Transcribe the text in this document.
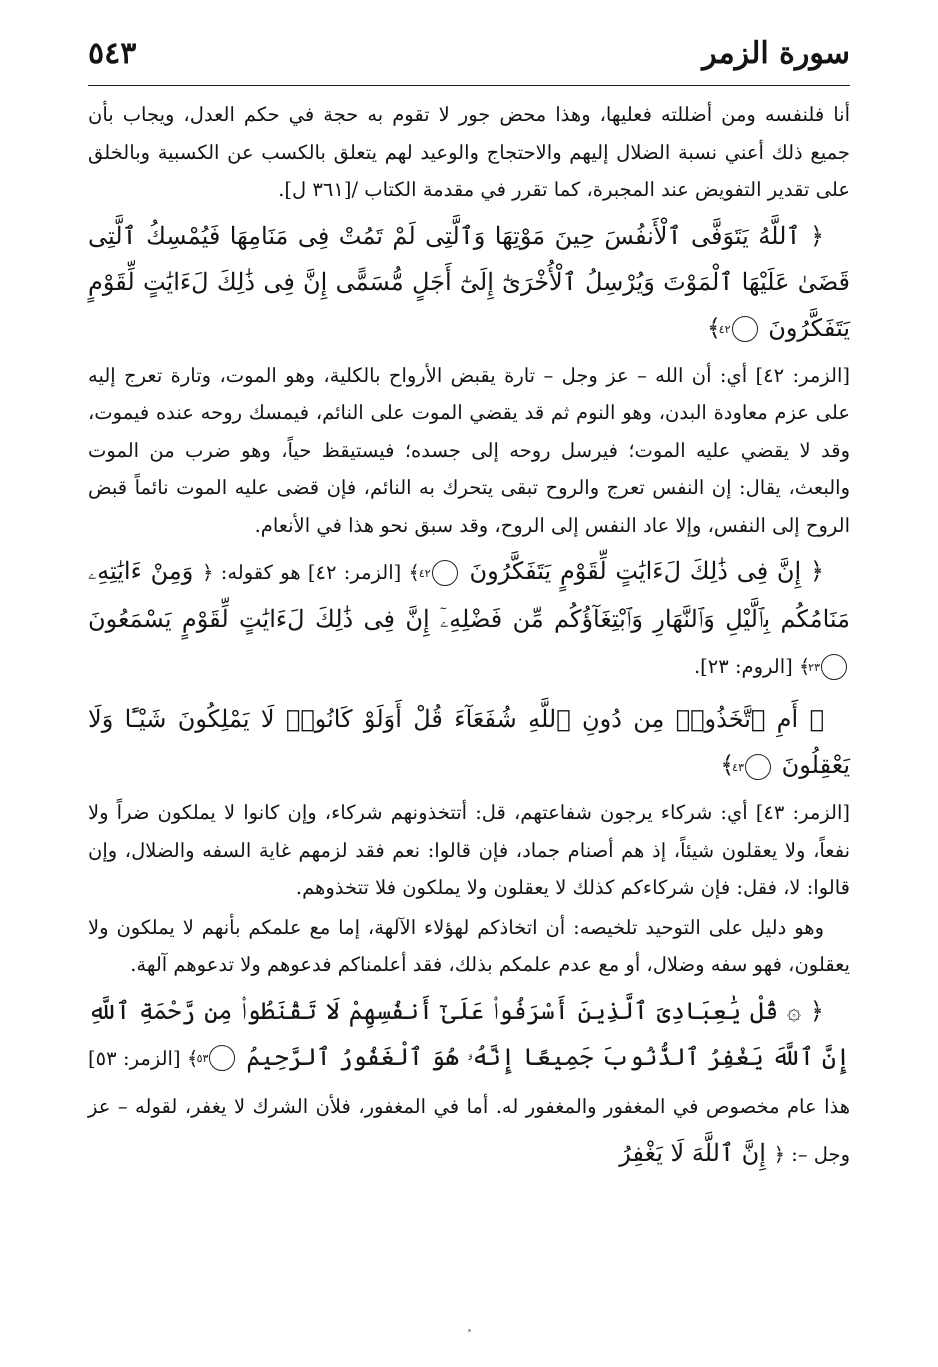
سورة الزمر
٥٤٣

أنا فلنفسه ومن أضللته فعليها، وهذا محض جور لا تقوم به حجة في حكم العدل، ويجاب بأن جميع ذلك أعني نسبة الضلال إليهم والاحتجاج والوعيد لهم يتعلق بالكسب عن الكسبية وبالخلق على تقدير التفويض عند المجبرة، كما تقرر في مقدمة الكتاب /[٣٦١ ل].

﴿ ٱللَّهُ يَتَوَفَّى ٱلْأَنفُسَ حِينَ مَوْتِهَا وَٱلَّتِى لَمْ تَمُتْ فِى مَنَامِهَا فَيُمْسِكُ ٱلَّتِى قَضَىٰ عَلَيْهَا ٱلْمَوْتَ وَيُرْسِلُ ٱلْأُخْرَىٰٓ إِلَىٰٓ أَجَلٍ مُّسَمًّى إِنَّ فِى ذَٰلِكَ لَءَايَٰتٍ لِّقَوْمٍ يَتَفَكَّرُونَ ٤٢ ﴾

[الزمر: ٤٢] أي: أن الله – عز وجل – تارة يقبض الأرواح بالكلية، وهو الموت، وتارة تعرج إليه على عزم معاودة البدن، وهو النوم ثم قد يقضي الموت على النائم، فيمسك روحه عنده فيموت، وقد لا يقضي عليه الموت؛ فيرسل روحه إلى جسده؛ فيستيقظ حياً، وهو ضرب من الموت والبعث، يقال: إن النفس تعرج والروح تبقى يتحرك به النائم، فإن قضى عليه الموت نائماً قبض الروح إلى النفس، وإلا عاد النفس إلى الروح، وقد سبق نحو هذا في الأنعام.

﴿ إِنَّ فِى ذَٰلِكَ لَءَايَٰتٍ لِّقَوْمٍ يَتَفَكَّرُونَ ٤٢ ﴾ [الزمر: ٤٢] هو كقوله: ﴿ وَمِنْ ءَايَٰتِهِۦ مَنَامُكُم بِٱلَّيْلِ وَٱلنَّهَارِ وَٱبْتِغَآؤُكُم مِّن فَضْلِهِۦٓ إِنَّ فِى ذَٰلِكَ لَءَايَٰتٍ لِّقَوْمٍ يَسْمَعُونَ ٢٣ ﴾ [الروم: ٢٣].

﴿ أَمِ ٱتَّخَذُوا۟ مِن دُونِ ٱللَّهِ شُفَعَآءَ قُلْ أَوَلَوْ كَانُوا۟ لَا يَمْلِكُونَ شَيْـًٔا وَلَا يَعْقِلُونَ ٤٣ ﴾

[الزمر: ٤٣] أي: شركاء يرجون شفاعتهم، قل: أتتخذونهم شركاء، وإن كانوا لا يملكون ضراً ولا نفعاً، ولا يعقلون شيئاً، إذ هم أصنام جماد، فإن قالوا: نعم فقد لزمهم غاية السفه والضلال، وإن قالوا: لا، فقل: فإن شركاءكم كذلك لا يعقلون ولا يملكون فلا تتخذوهم.

وهو دليل على التوحيد تلخيصه: أن اتخاذكم لهؤلاء الآلهة، إما مع علمكم بأنهم لا يملكون ولا يعقلون، فهو سفه وضلال، أو مع عدم علمكم بذلك، فقد أعلمناكم فدعوهم ولا تدعوهم آلهة.

﴿ ۞ قُلْ يَٰعِبَادِىَ ٱلَّذِينَ أَسْرَفُوا۟ عَلَىٰٓ أَنفُسِهِمْ لَا تَقْنَطُوا۟ مِن رَّحْمَةِ ٱللَّهِ إِنَّ ٱللَّهَ يَغْفِرُ ٱلذُّنُوبَ جَمِيعًا إِنَّهُۥ هُوَ ٱلْغَفُورُ ٱلرَّحِيمُ ٥٣ ﴾ [الزمر: ٥٣] هذا عام مخصوص في المغفور والمغفور له. أما في المغفور، فلأن الشرك لا يغفر، لقوله – عز وجل –: ﴿ إِنَّ ٱللَّهَ لَا يَغْفِرُ
